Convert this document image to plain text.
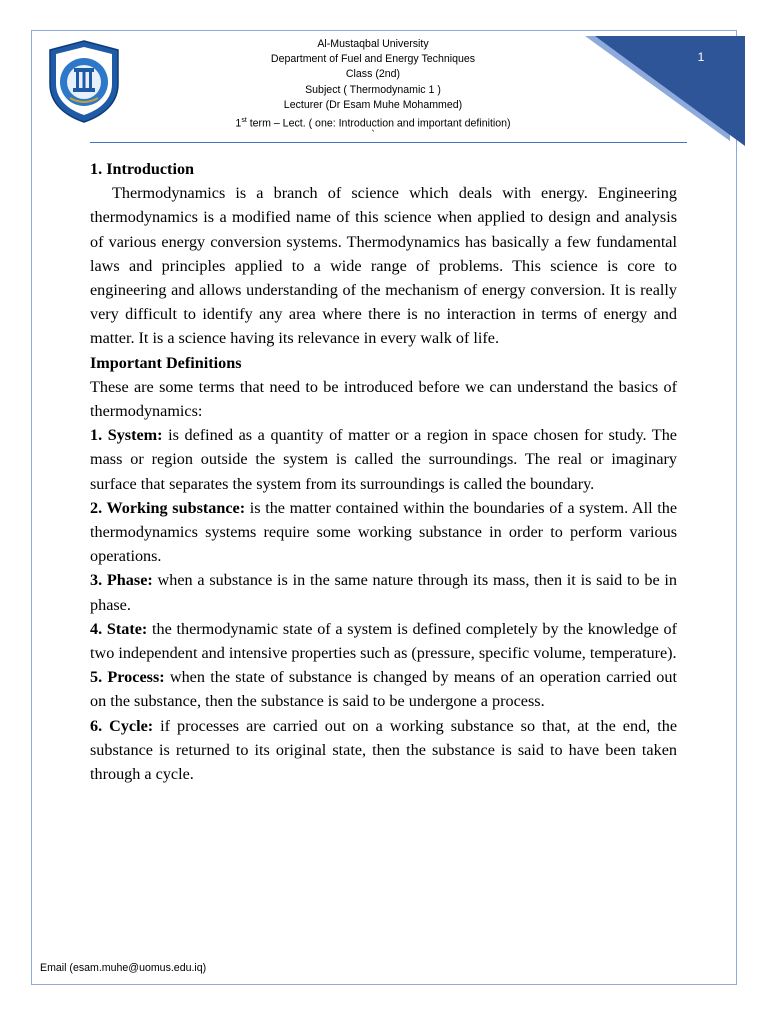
Al-Mustaqbal University
Department of Fuel and Energy Techniques
Class (2nd)
Subject ( Thermodynamic 1 )
Lecturer (Dr Esam Muhe Mohammed)
1st term – Lect. ( one: Introduction and important definition)
`
1

1. Introduction

Thermodynamics is a branch of science which deals with energy. Engineering thermodynamics is a modified name of this science when applied to design and analysis of various energy conversion systems. Thermodynamics has basically a few fundamental laws and principles applied to a wide range of problems. This science is core to engineering and allows understanding of the mechanism of energy conversion. It is really very difficult to identify any area where there is no interaction in terms of energy and matter. It is a science having its relevance in every walk of life.

Important Definitions

These are some terms that need to be introduced before we can understand the basics of thermodynamics:

1. System: is defined as a quantity of matter or a region in space chosen for study. The mass or region outside the system is called the surroundings. The real or imaginary surface that separates the system from its surroundings is called the boundary.

2. Working substance: is the matter contained within the boundaries of a system. All the thermodynamics systems require some working substance in order to perform various operations.

3. Phase: when a substance is in the same nature through its mass, then it is said to be in phase.

4. State: the thermodynamic state of a system is defined completely by the knowledge of two independent and intensive properties such as (pressure, specific volume, temperature).

5. Process: when the state of substance is changed by means of an operation carried out on the substance, then the substance is said to be undergone a process.

6. Cycle: if processes are carried out on a working substance so that, at the end, the substance is returned to its original state, then the substance is said to have been taken through a cycle.

Email (esam.muhe@uomus.edu.iq)
